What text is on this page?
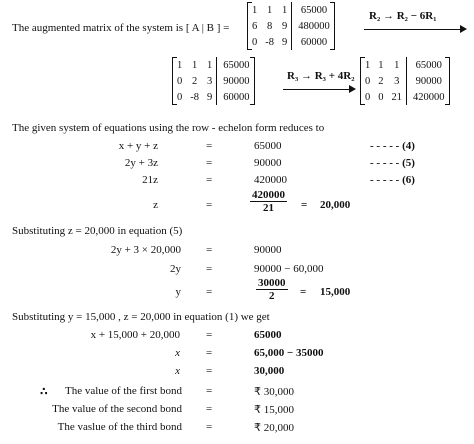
The augmented matrix of the system is [ A | B ] =
1	1	1	65000
6	8	9	480000
0	-8	9	60000
R₂ → R₂ − 6R₁
1	1	1	65000
0	2	3	90000
0	-8	9	60000
R₃ → R₃ + 4R₂
1	1	1	65000
0	2	3	90000
0	0	21	420000
The given system of equations using the row - echelon form reduces to
x + y + z	=	65000	- - - - - (4)
2y + 3z	=	90000	- - - - - (5)
21z	=	420000	- - - - - (6)
z	=	$\frac{420000}{21} = 20,000$
Substituting z = 20,000 in equation (5)
2y + 3 × 20,000 =	90000
2y =	90000 − 60,000
y =	$\frac{30000}{2} = 15,000$
Substituting y = 15,000 , z = 20,000 in equation (1) we get
x + 15,000 + 20,000 =	65000
x =	65,000 − 35000
x =	30,000
∴ The value of the first bond =	₹ 30,000
The value of the second bond =	₹ 15,000
The vaslue of the third bond =	₹ 20,000
